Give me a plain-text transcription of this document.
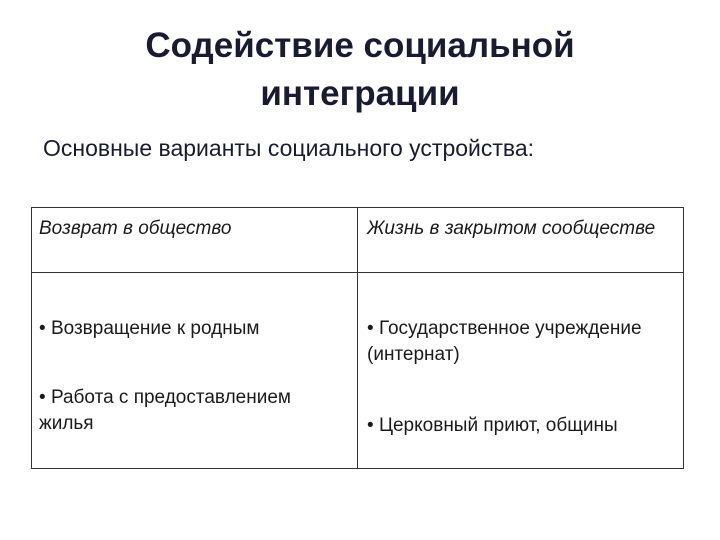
Содействие социальной интеграции
Основные варианты социального устройства:
Возврат в общество	Жизнь в закрытом сообществе
• Возвращение к родным
• Работа с предоставлением жилья
• Государственное учреждение (интернат)
• Церковный приют, общины
